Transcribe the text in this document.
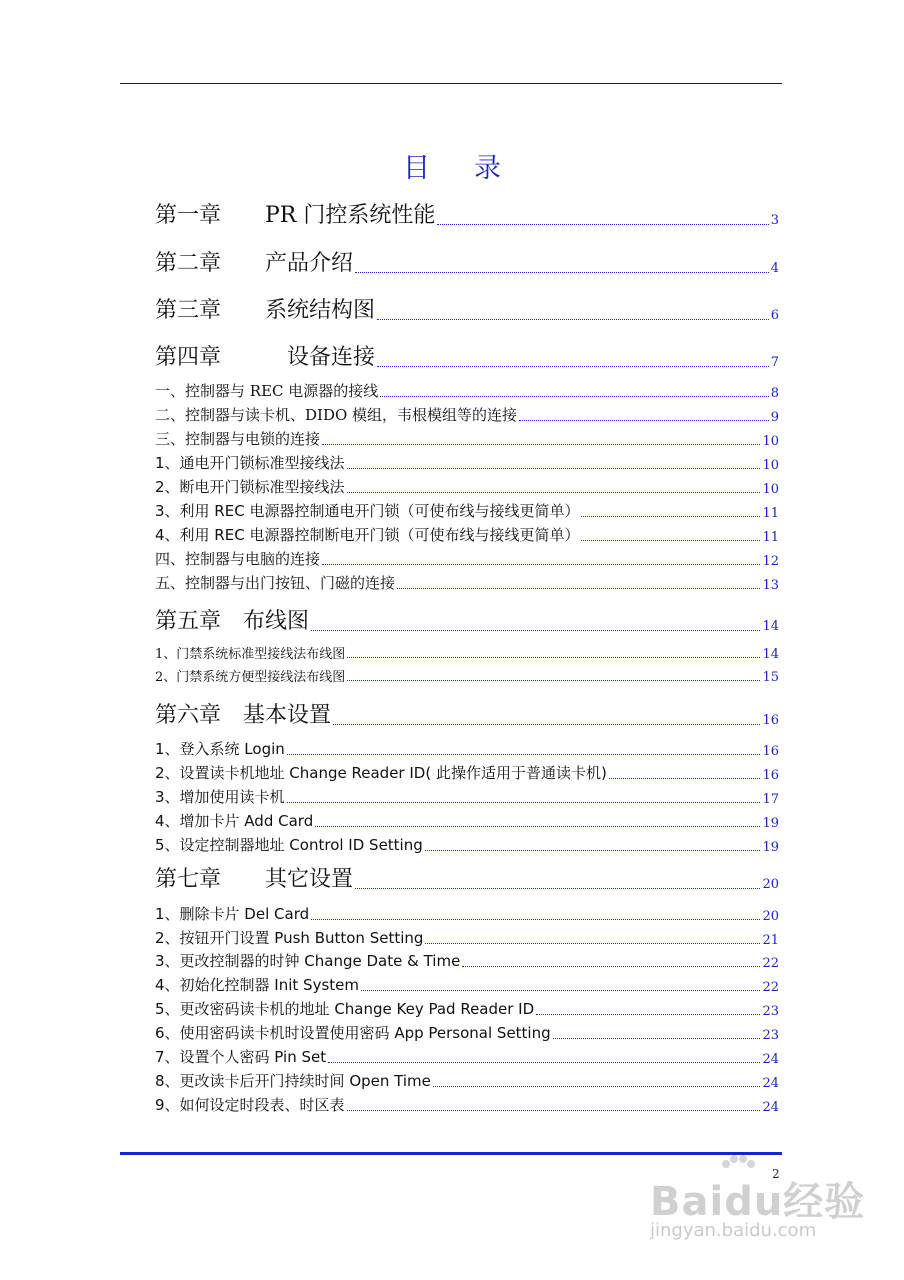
目 录
第一章　　PR 门控系统性能	3
第二章　　产品介绍	4
第三章　　系统结构图	6
第四章　　　设备连接	7
一、控制器与 REC 电源器的接线	8
二、控制器与读卡机、DIDO 模组，韦根模组等的连接	9
三、控制器与电锁的连接	10
1、通电开门锁标准型接线法	10
2、断电开门锁标准型接线法	10
3、利用 REC 电源器控制通电开门锁（可使布线与接线更简单）	11
4、利用 REC 电源器控制断电开门锁（可使布线与接线更简单）	11
四、控制器与电脑的连接	12
五、控制器与出门按钮、门磁的连接	13
第五章　布线图	14
1、门禁系统标准型接线法布线图	14
2、门禁系统方便型接线法布线图	15
第六章　基本设置	16
1、登入系统 Login	16
2、设置读卡机地址 Change Reader ID( 此操作适用于普通读卡机)	16
3、增加使用读卡机	17
4、增加卡片 Add Card	19
5、设定控制器地址 Control ID Setting	19
第七章　　其它设置	20
1、删除卡片 Del Card	20
2、按钮开门设置 Push Button Setting	21
3、更改控制器的时钟 Change Date & Time	22
4、初始化控制器 Init System	22
5、更改密码读卡机的地址 Change Key Pad Reader ID	23
6、使用密码读卡机时设置使用密码 App Personal Setting	23
7、设置个人密码 Pin Set	24
8、更改读卡后开门持续时间 Open Time	24
9、如何设定时段表、时区表	24
2
Baidu经验
jingyan.baidu.com
